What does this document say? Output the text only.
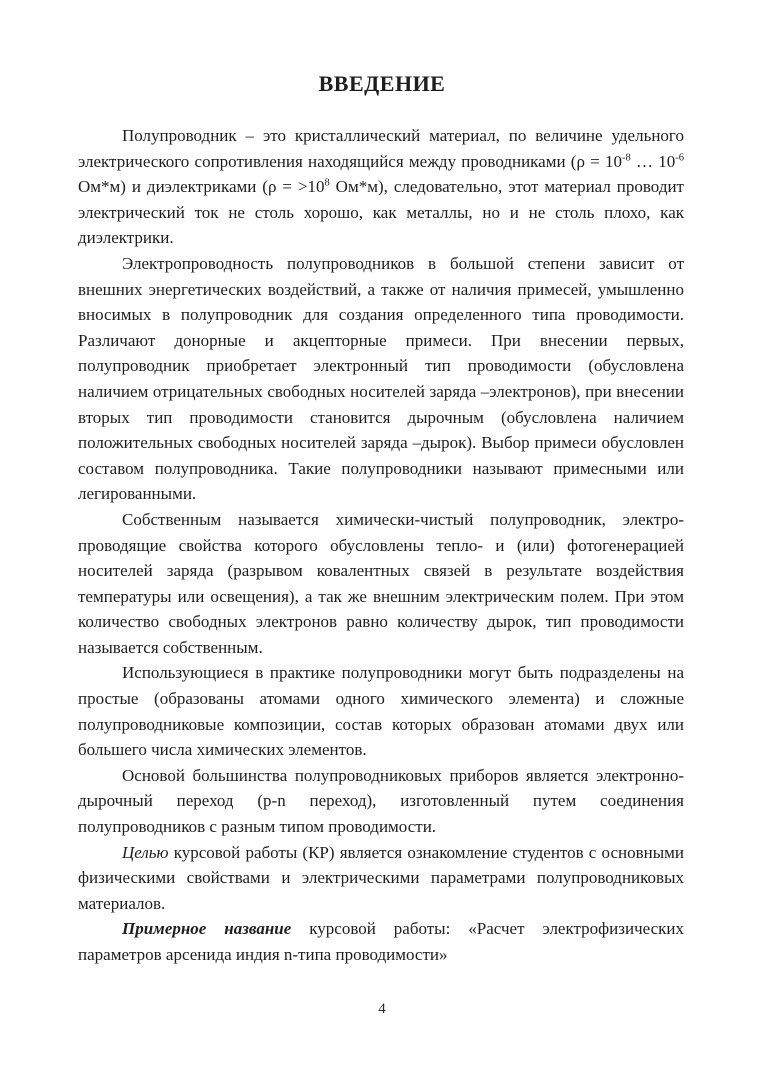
ВВЕДЕНИЕ

Полупроводник – это кристаллический материал, по величине удельного электрического сопротивления находящийся между проводниками ($\rho = 10^{-8}$ … $10^{-6}$ Ом*м) и диэлектриками ($\rho = >10^8$ Ом*м), следовательно, этот материал проводит электрический ток не столь хорошо, как металлы, но и не столь плохо, как диэлектрики.

Электропроводность полупроводников в большой степени зависит от внешних энергетических воздействий, а также от наличия примесей, умышленно вносимых в полупроводник для создания определенного типа проводимости. Различают донорные и акцепторные примеси. При внесении первых, полупроводник приобретает электронный тип проводимости (обусловлена наличием отрицательных свободных носителей заряда –электронов), при внесении вторых тип проводимости становится дырочным (обусловлена наличием положительных свободных носителей заряда –дырок). Выбор примеси обусловлен составом полупроводника. Такие полупроводники называют примесными или легированными.

Собственным называется химически-чистый полупроводник, электро-проводящие свойства которого обусловлены тепло- и (или) фотогенерацией носителей заряда (разрывом ковалентных связей в результате воздействия температуры или освещения), а так же внешним электрическим полем. При этом количество свободных электронов равно количеству дырок, тип проводимости называется собственным.

Использующиеся в практике полупроводники могут быть подразделены на простые (образованы атомами одного химического элемента) и сложные полупроводниковые композиции, состав которых образован атомами двух или большего числа химических элементов.

Основой большинства полупроводниковых приборов является электронно-дырочный переход (p-n переход), изготовленный путем соединения полупроводников с разным типом проводимости.

Целью курсовой работы (КР) является ознакомление студентов с основными физическими свойствами и электрическими параметрами полупроводниковых материалов.

Примерное название курсовой работы: «Расчет электрофизических параметров арсенида индия n-типа проводимости»

4
